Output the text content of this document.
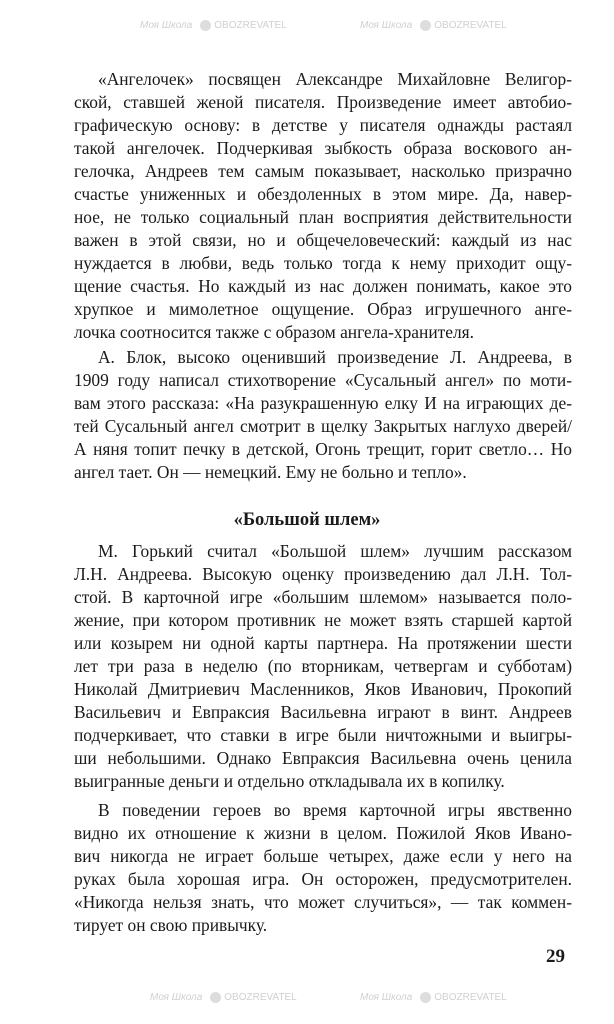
Моя Школа OBOZREVATEL	Моя Школа OBOZREVATEL
Моя Школа OBOZREVATEL	Моя Школа OBOZREVATEL
«Ангелочек» посвящен Александре Михайловне Велигор-
ской, ставшей женой писателя. Произведение имеет автобио-
графическую основу: в детстве у писателя однажды растаял
такой ангелочек. Подчеркивая зыбкость образа воскового ан-
гелочка, Андреев тем самым показывает, насколько призрачно
счастье униженных и обездоленных в этом мире. Да, навер-
ное, не только социальный план восприятия действительности
важен в этой связи, но и общечеловеческий: каждый из нас
нуждается в любви, ведь только тогда к нему приходит ощу-
щение счастья. Но каждый из нас должен понимать, какое это
хрупкое и мимолетное ощущение. Образ игрушечного анге-
лочка соотносится также с образом ангела-хранителя.
А. Блок, высоко оценивший произведение Л. Андреева, в
1909 году написал стихотворение «Сусальный ангел» по моти-
вам этого рассказа: «На разукрашенную елку И на играющих де-
тей Сусальный ангел смотрит в щелку Закрытых наглухо дверей/
А няня топит печку в детской, Огонь трещит, горит светло… Но
ангел тает. Он — немецкий. Ему не больно и тепло».
«Большой шлем»
М. Горький считал «Большой шлем» лучшим рассказом
Л.Н. Андреева. Высокую оценку произведению дал Л.Н. Тол-
стой. В карточной игре «большим шлемом» называется поло-
жение, при котором противник не может взять старшей картой
или козырем ни одной карты партнера. На протяжении шести
лет три раза в неделю (по вторникам, четвергам и субботам)
Николай Дмитриевич Масленников, Яков Иванович, Прокопий
Васильевич и Евпраксия Васильевна играют в винт. Андреев
подчеркивает, что ставки в игре были ничтожными и выигры-
ши небольшими. Однако Евпраксия Васильевна очень ценила
выигранные деньги и отдельно откладывала их в копилку.
В поведении героев во время карточной игры явственно
видно их отношение к жизни в целом. Пожилой Яков Ивано-
вич никогда не играет больше четырех, даже если у него на
руках была хорошая игра. Он осторожен, предусмотрителен.
«Никогда нельзя знать, что может случиться», — так коммен-
тирует он свою привычку.
29
